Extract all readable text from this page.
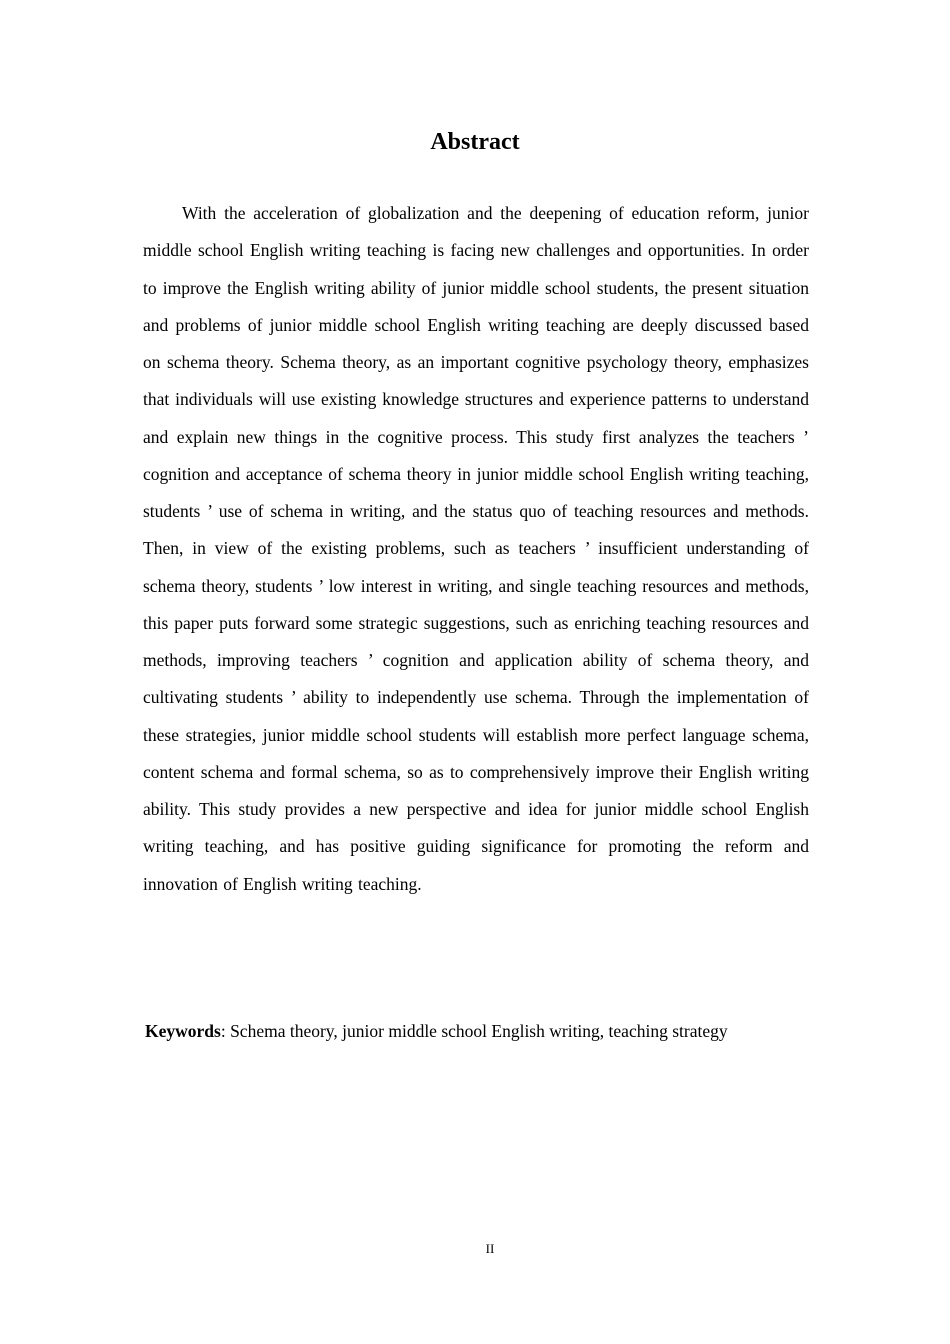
Abstract

With the acceleration of globalization and the deepening of education reform, junior middle school English writing teaching is facing new challenges and opportunities. In order to improve the English writing ability of junior middle school students, the present situation and problems of junior middle school English writing teaching are deeply discussed based on schema theory. Schema theory, as an important cognitive psychology theory, emphasizes that individuals will use existing knowledge structures and experience patterns to understand and explain new things in the cognitive process. This study first analyzes the teachers ’ cognition and acceptance of schema theory in junior middle school English writing teaching, students ’ use of schema in writing, and the status quo of teaching resources and methods. Then, in view of the existing problems, such as teachers ’ insufficient understanding of schema theory, students ’ low interest in writing, and single teaching resources and methods, this paper puts forward some strategic suggestions, such as enriching teaching resources and methods, improving teachers ’ cognition and application ability of schema theory, and cultivating students ’ ability to independently use schema. Through the implementation of these strategies, junior middle school students will establish more perfect language schema, content schema and formal schema, so as to comprehensively improve their English writing ability. This study provides a new perspective and idea for junior middle school English writing teaching, and has positive guiding significance for promoting the reform and innovation of English writing teaching.

Keywords: Schema theory, junior middle school English writing, teaching strategy

II
